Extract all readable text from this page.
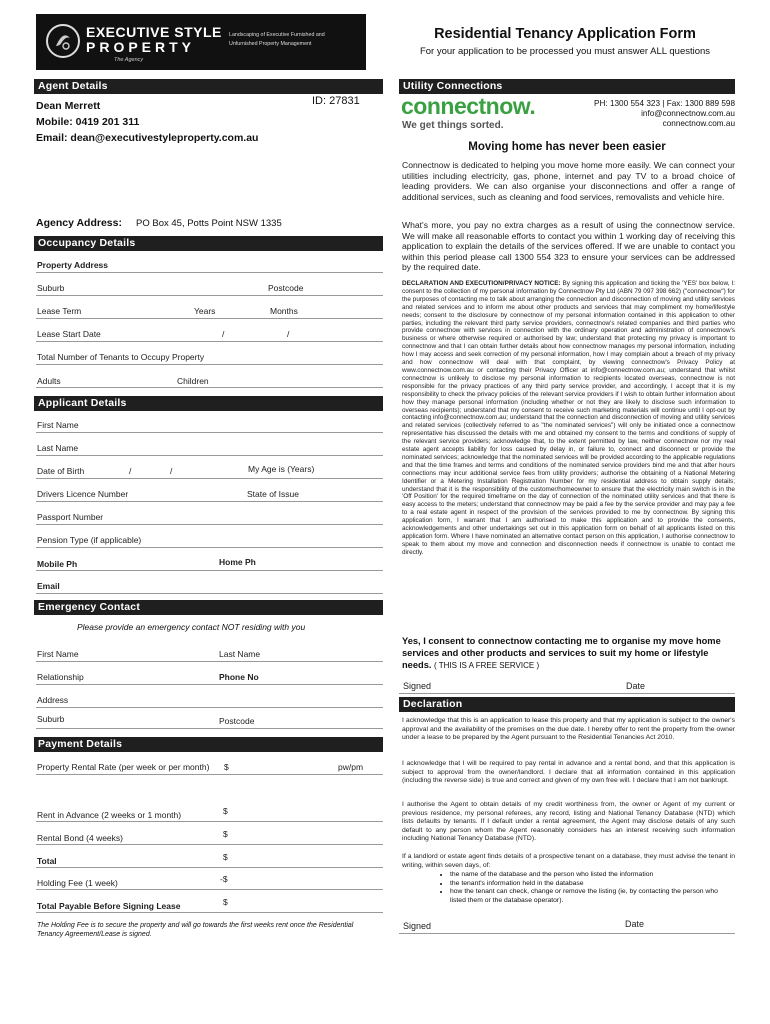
EXECUTIVE STYLE
PROPERTY
The Agency
Landscaping of Executive Furnished and Unfurnished Property Management
Residential Tenancy Application Form
For your application to be processed you must answer ALL questions
Agent Details
ID: 27831
Dean Merrett
Mobile: 0419 201 311
Email: dean@executivestyleproperty.com.au
Agency Address: PO Box 45, Potts Point NSW 1335
Occupancy Details
Property Address
Suburb	Postcode
Lease Term	Years	Months
Lease Start Date	/	/
Total Number of Tenants to Occupy Property
Adults	Children
Applicant Details
First Name
Last Name
Date of Birth	/	/	My Age is (Years)
Drivers Licence Number	State of Issue
Passport Number
Pension Type (if applicable)
Mobile Ph	Home Ph
Email
Emergency Contact
Please provide an emergency contact NOT residing with you
First Name	Last Name
Relationship	Phone No
Address
Suburb	Postcode
Payment Details
Property Rental Rate (per week or per month) $	pw/pm
Rent in Advance (2 weeks or 1 month)	$
Rental Bond (4 weeks)	$
Total	$
Holding Fee (1 week)	-$
Total Payable Before Signing Lease	$
The Holding Fee is to secure the property and will go towards the first weeks rent once the Residential Tenancy Agreement/Lease is signed.
Utility Connections
connectnow.
We get things sorted.
PH: 1300 554 323 | Fax: 1300 889 598
info@connectnow.com.au
connectnow.com.au
Moving home has never been easier
Connectnow is dedicated to helping you move home more easily. We can connect your utilities including electricity, gas, phone, internet and pay TV to a broad choice of leading providers. We can also organise your disconnections and offer a range of additional services, such as cleaning and food services, removalists and vehicle hire.
What's more, you pay no extra charges as a result of using the connectnow service. We will make all reasonable efforts to contact you within 1 working day of receiving this application to explain the details of the services offered. If we are unable to contact you within this period please call 1300 554 323 to ensure your services can be addressed by the required date.
DECLARATION AND EXECUTION/PRIVACY NOTICE: By signing this application and ticking the 'YES' box below, I: consent to the collection of my personal information by Connectnow Pty Ltd (ABN 79 097 398 662) ("connectnow") for the purposes of contacting me to talk about arranging the connection and disconnection of moving and utility services and related services and to inform me about other products and services that may compliment my home/lifestyle needs; consent to the disclosure by connectnow of my personal information contained in this application to other parties, including the relevant third party service providers, connectnow's related companies and third parties who provide connectnow with services in connection with the ordinary operation and administration of connectnow's business or where otherwise required or authorised by law; understand that protecting my privacy is important to connectnow and that I can obtain further details about how connectnow manages my personal information, including how I may access and seek correction of my personal information, how I may complain about a breach of my privacy and how connectnow will deal with that complaint, by viewing connectnow's Privacy Policy at www.connectnow.com.au or contacting their Privacy Officer at info@connectnow.com.au; understand that whilst connectnow is unlikely to disclose my personal information to recipients located overseas, connectnow is not responsible for the privacy practices of any third party service provider, and accordingly, I accept that it is my responsibility to check the privacy policies of the relevant service providers if I wish to obtain further information about how they manage personal information (including whether or not they are likely to disclose such information to overseas recipients); understand that my consent to receive such marketing materials will continue until I opt-out by contacting info@connectnow.com.au; understand that the connection and disconnection of moving and utility services and related services (collectively referred to as "the nominated services") will only be initiated once a connectnow representative has discussed the details with me and obtained my consent to the terms and conditions of supply of the relevant service providers; acknowledge that, to the extent permitted by law, neither connectnow nor my real estate agent accepts liability for loss caused by delay in, or failure to, connect and disconnect or provide the nominated services; acknowledge that the nominated services will be provided according to the applicable regulations and that the time frames and terms and conditions of the nominated service providers bind me and that after hours connections may incur additional service fees from utility providers; authorise the obtaining of a National Metering Identifier or a Metering Installation Registration Number for my residential address to obtain supply details; understand that it is the responsibility of the customer/homeowner to ensure that the electricity main switch is in the 'Off Position' for the required timeframe on the day of connection of the nominated utility services and that there is easy access to the meters; understand that connectnow may be paid a fee by the service provider and may pay a fee to a real estate agent in respect of the provision of the services provided to me by connectnow. By signing this application form, I warrant that I am authorised to make this application and to provide the consents, acknowledgements and other undertakings set out in this application form on behalf of all applicants listed on this application form. Where I have nominated an alternative contact person on this application, I authorise connectnow to speak to them about my move and connection and disconnection needs if connectnow is unable to contact me directly.
Yes, I consent to connectnow contacting me to organise my move home services and other products and services to suit my home or lifestyle needs. ( THIS IS A FREE SERVICE )
Signed	Date
Declaration
I acknowledge that this is an application to lease this property and that my application is subject to the owner's approval and the availability of the premises on the due date. I hereby offer to rent the property from the owner under a lease to be prepared by the Agent pursuant to the Residential Tenancies Act 2010.
I acknowledge that I will be required to pay rental in advance and a rental bond, and that this application is subject to approval from the owner/landlord. I declare that all information contained in this application (including the reverse side) is true and correct and given of my own free will. I declare that I am not bankrupt.
I authorise the Agent to obtain details of my credit worthiness from, the owner or Agent of my current or previous residence, my personal referees, any record, listing and National Tenancy Database (NTD) which lists defaults by tenants. If I default under a rental agreement, the Agent may disclose details of any such default to any person whom the Agent reasonably considers has an interest receiving such information including National Tenancy Database (NTD).
If a landlord or estate agent finds details of a prospective tenant on a database, they must advise the tenant in writing, within seven days, of:
• the name of the database and the person who listed the information
• the tenant's information held in the database
• how the tenant can check, change or remove the listing (ie, by contacting the person who listed them or the database operator).
Signed	Date
